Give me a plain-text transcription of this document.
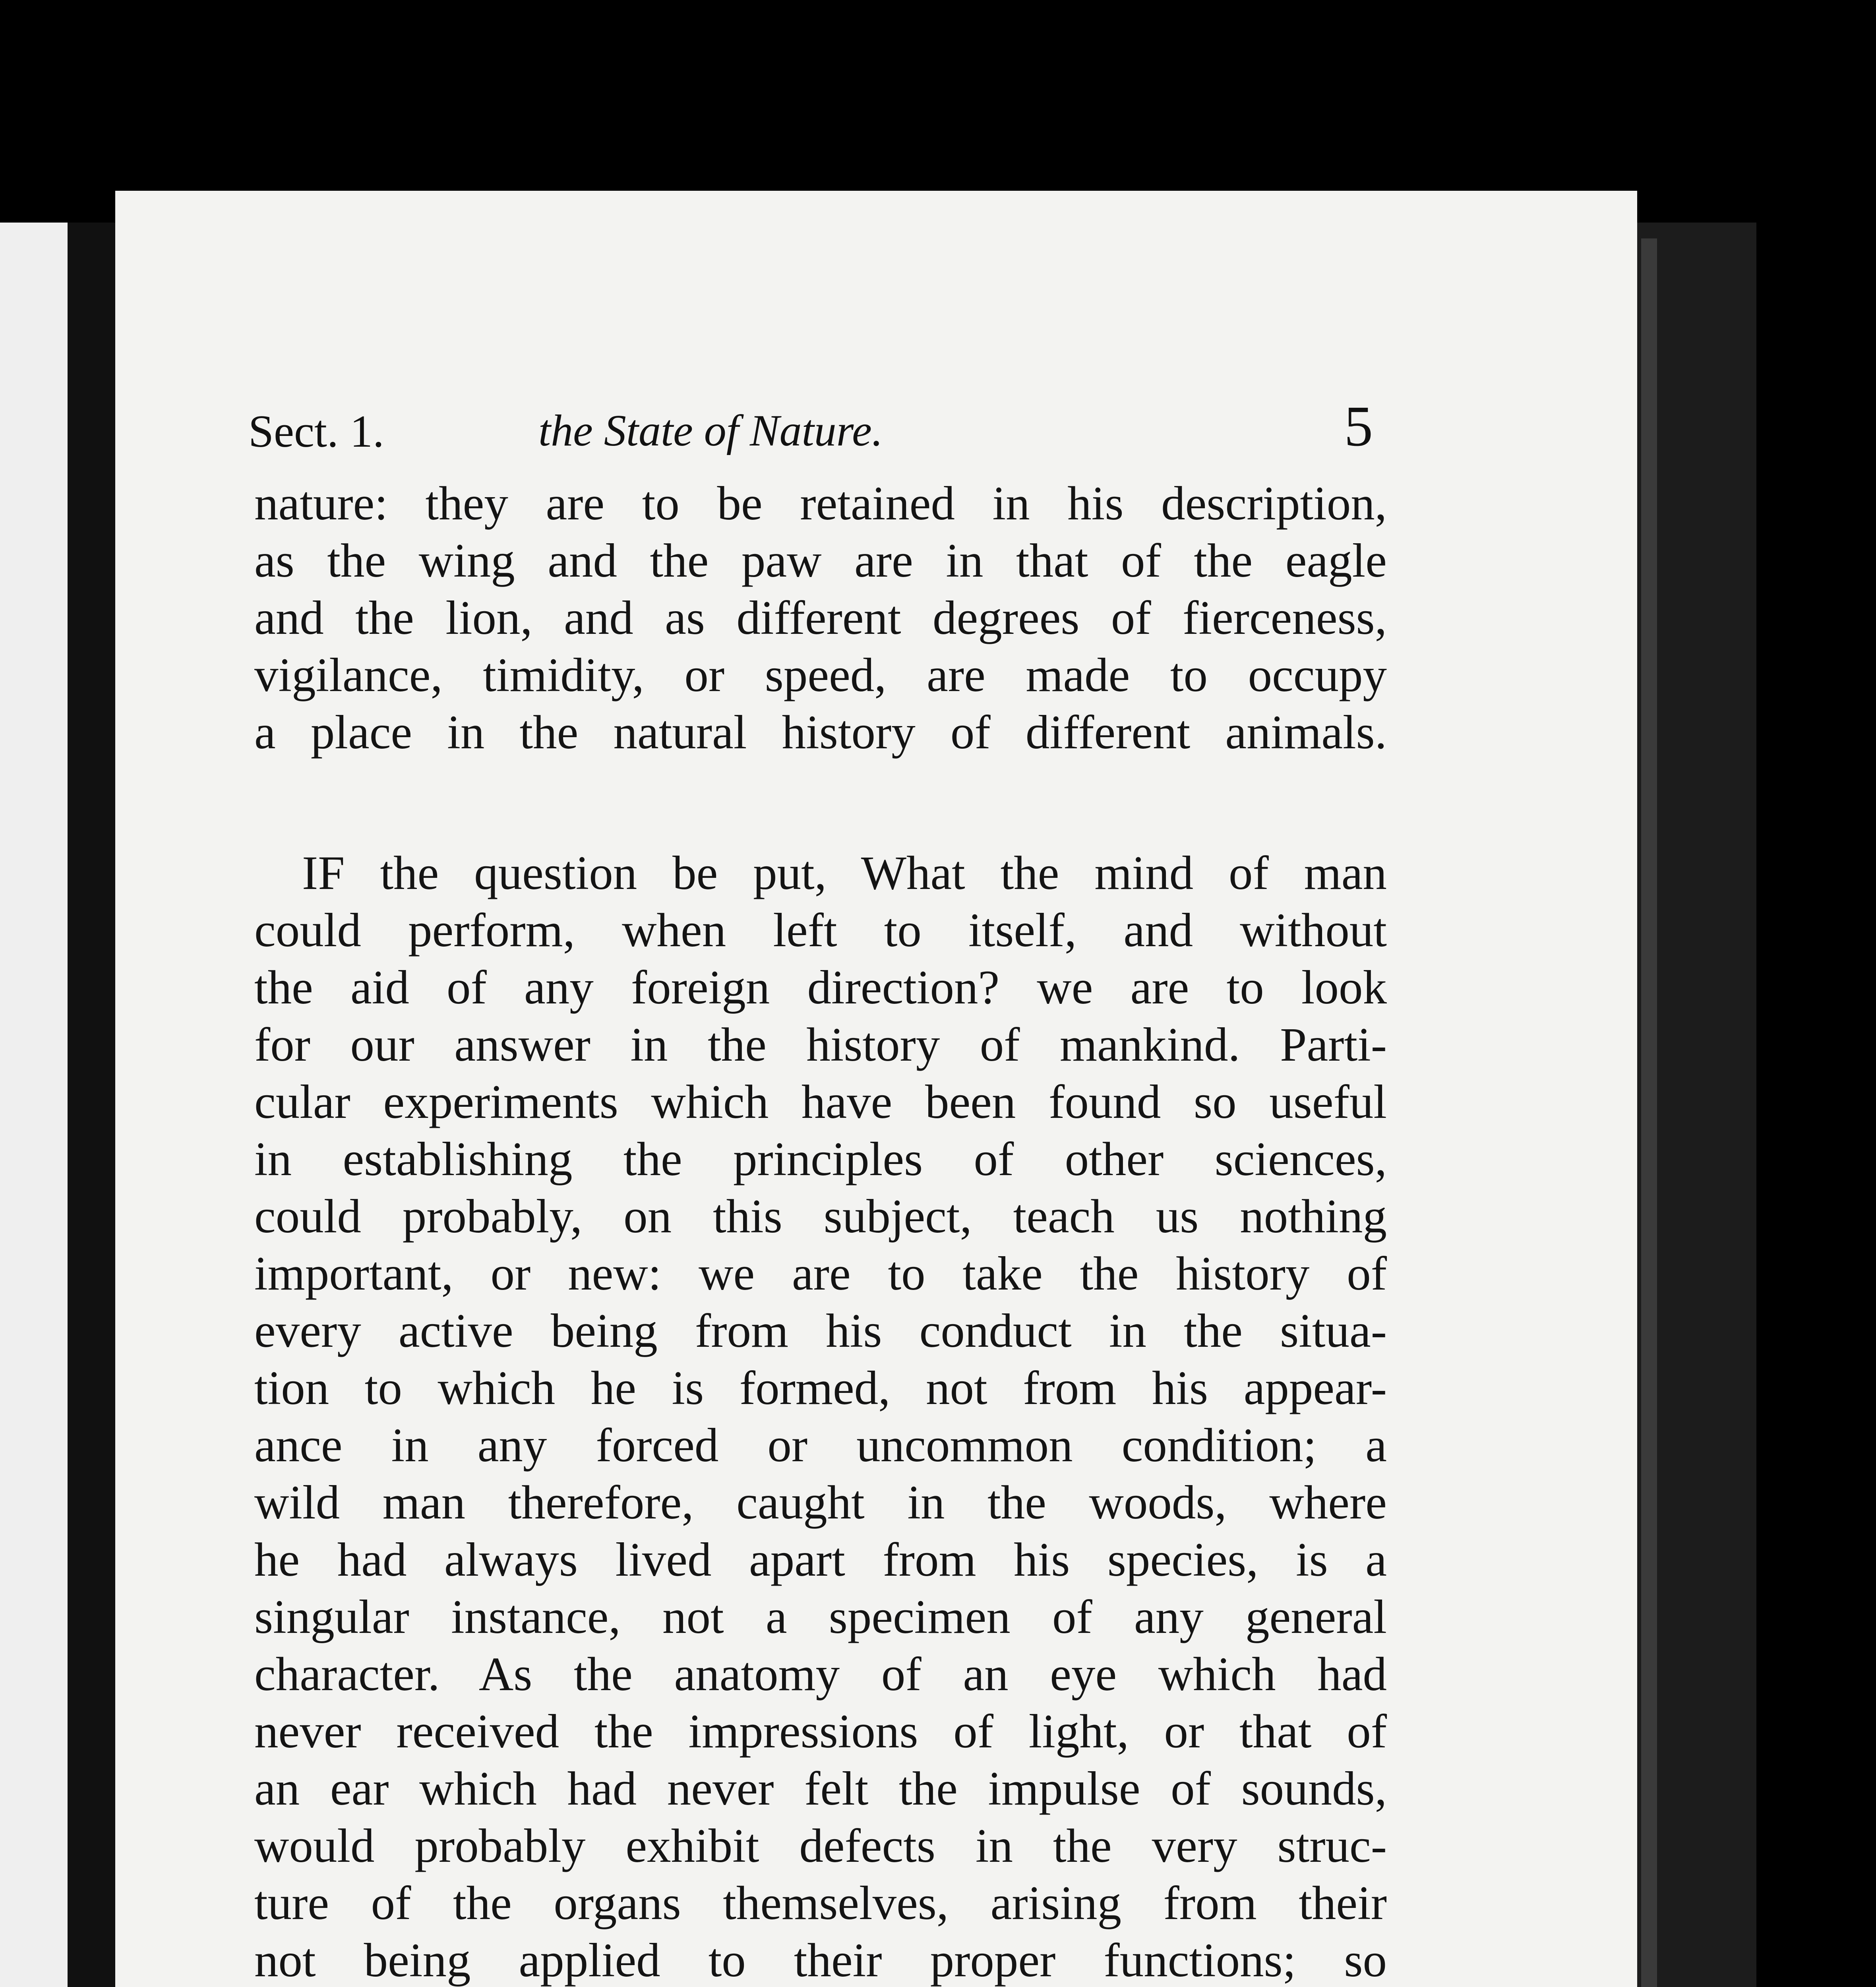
Sect. 1.	the State of Nature.	5
nature: they are to be retained in his description,
as the wing and the paw are in that of the eagle
and the lion, and as different degrees of fierceness,
vigilance, timidity, or speed, are made to occupy
a place in the natural history of different animals.
IF the question be put, What the mind of man
could perform, when left to itself, and without
the aid of any foreign direction? we are to look
for our answer in the history of mankind. Parti-
cular experiments which have been found so useful
in establishing the principles of other sciences,
could probably, on this subject, teach us nothing
important, or new: we are to take the history of
every active being from his conduct in the situa-
tion to which he is formed, not from his appear-
ance in any forced or uncommon condition; a
wild man therefore, caught in the woods, where
he had always lived apart from his species, is a
singular instance, not a specimen of any general
character. As the anatomy of an eye which had
never received the impressions of light, or that of
an ear which had never felt the impulse of sounds,
would probably exhibit defects in the very struc-
ture of the organs themselves, arising from their
not being applied to their proper functions; so
